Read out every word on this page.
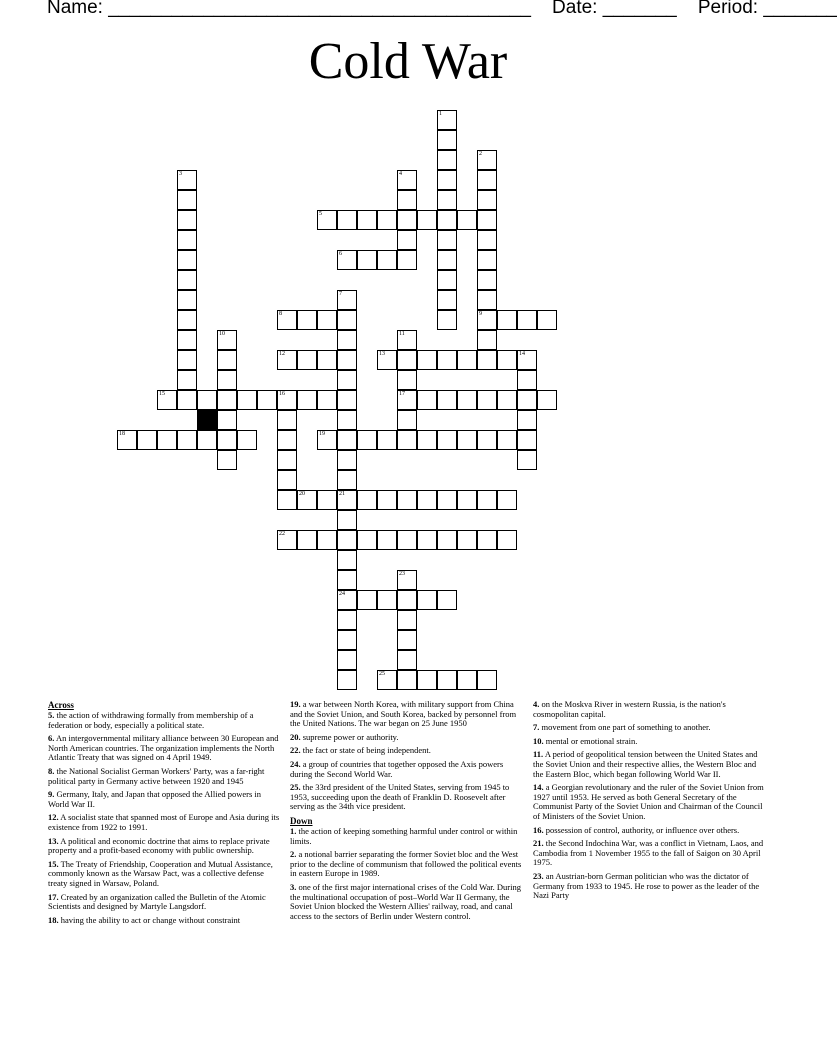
Name: ________________________________________ Date: _______ Period: _______
Cold War
1
2
9
3	4
5
6
7
8
10	11
17
12	13	14
15	16
18	19
20	21
24
22
23
25
Across

5. the action of withdrawing formally from membership of a federation or body, especially a political state.

6. An intergovernmental military alliance between 30 European and North American countries. The organization implements the North Atlantic Treaty that was signed on 4 April 1949.

8. the National Socialist German Workers' Party, was a far-right political party in Germany active between 1920 and 1945

9. Germany, Italy, and Japan that opposed the Allied powers in World War II.

12. A socialist state that spanned most of Europe and Asia during its existence from 1922 to 1991.

13. A political and economic doctrine that aims to replace private property and a profit-based economy with public ownership.

15. The Treaty of Friendship, Cooperation and Mutual Assistance, commonly known as the Warsaw Pact, was a collective defense treaty signed in Warsaw, Poland.

17. Created by an organization called the Bulletin of the Atomic Scientists and designed by Martyle Langsdorf.

18. having the ability to act or change without constraint

19. a war between North Korea, with military support from China and the Soviet Union, and South Korea, backed by personnel from the United Nations. The war began on 25 June 1950

20. supreme power or authority.

22. the fact or state of being independent.

24. a group of countries that together opposed the Axis powers during the Second World War.

25. the 33rd president of the United States, serving from 1945 to 1953, succeeding upon the death of Franklin D. Roosevelt after serving as the 34th vice president.

Down

1. the action of keeping something harmful under control or within limits.

2. a notional barrier separating the former Soviet bloc and the West prior to the decline of communism that followed the political events in eastern Europe in 1989.

3. one of the first major international crises of the Cold War. During the multinational occupation of post–World War II Germany, the Soviet Union blocked the Western Allies' railway, road, and canal access to the sectors of Berlin under Western control.

4. on the Moskva River in western Russia, is the nation's cosmopolitan capital.

7. movement from one part of something to another.

10. mental or emotional strain.

11. A period of geopolitical tension between the United States and the Soviet Union and their respective allies, the Western Bloc and the Eastern Bloc, which began following World War II.

14. a Georgian revolutionary and the ruler of the Soviet Union from 1927 until 1953. He served as both General Secretary of the Communist Party of the Soviet Union and Chairman of the Council of Ministers of the Soviet Union.

16. possession of control, authority, or influence over others.

21. the Second Indochina War, was a conflict in Vietnam, Laos, and Cambodia from 1 November 1955 to the fall of Saigon on 30 April 1975.

23. an Austrian-born German politician who was the dictator of Germany from 1933 to 1945. He rose to power as the leader of the Nazi Party
